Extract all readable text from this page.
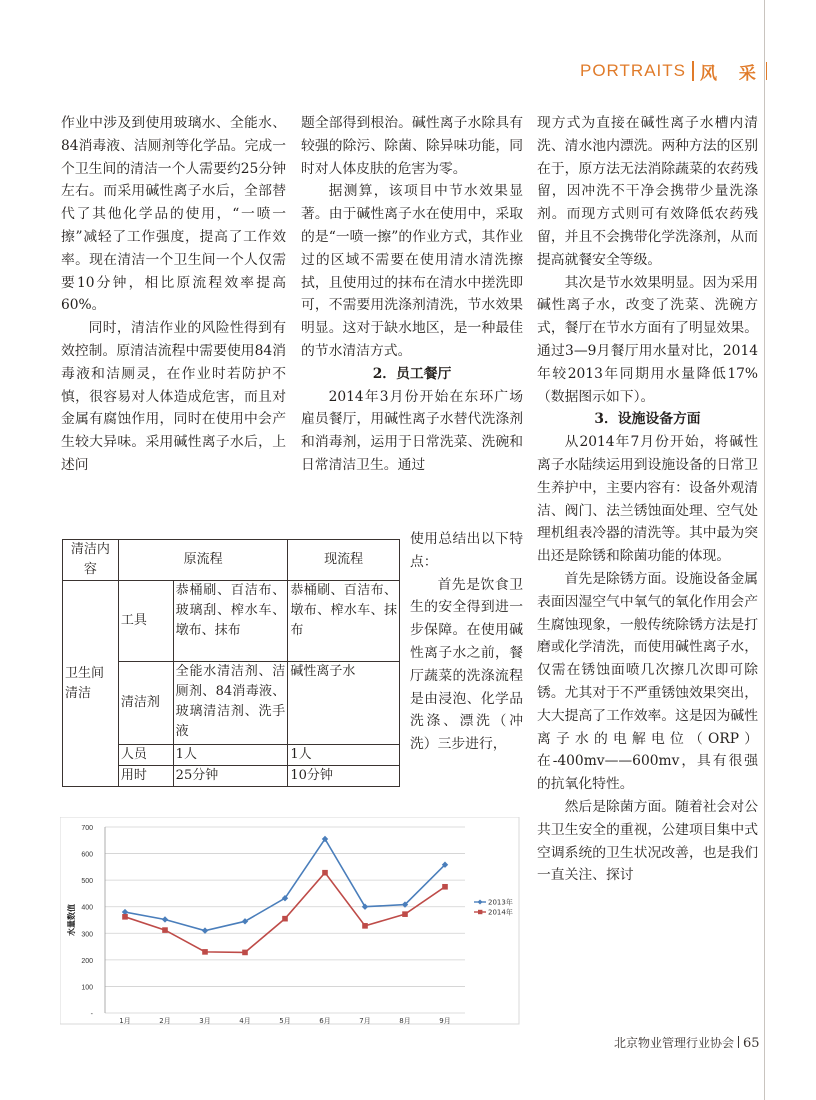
PORTRAITS 风 采

作业中涉及到使用玻璃水、全能水、84消毒液、洁厕剂等化学品。完成一个卫生间的清洁一个人需要约25分钟左右。而采用碱性离子水后，全部替代了其他化学品的使用，“一喷一擦”减轻了工作强度，提高了工作效率。现在清洁一个卫生间一个人仅需要10分钟，相比原流程效率提高60%。

同时，清洁作业的风险性得到有效控制。原清洁流程中需要使用84消毒液和洁厕灵，在作业时若防护不慎，很容易对人体造成危害，而且对金属有腐蚀作用，同时在使用中会产生较大异味。采用碱性离子水后，上述问

题全部得到根治。碱性离子水除具有较强的除污、除菌、除异味功能，同时对人体皮肤的危害为零。

据测算，该项目中节水效果显著。由于碱性离子水在使用中，采取的是“一喷一擦”的作业方式，其作业过的区域不需要在使用清水清洗擦拭，且使用过的抹布在清水中搓洗即可，不需要用洗涤剂清洗，节水效果明显。这对于缺水地区，是一种最佳的节水清洁方式。

2．员工餐厅

2014年3月份开始在东环广场雇员餐厅，用碱性离子水替代洗涤剂和消毒剂，运用于日常洗菜、洗碗和日常清洁卫生。通过

使用总结出以下特点：

首先是饮食卫生的安全得到进一步保障。在使用碱性离子水之前，餐厅蔬菜的洗涤流程是由浸泡、化学品洗涤、漂洗（冲洗）三步进行，

现方式为直接在碱性离子水槽内清洗、清水池内漂洗。两种方法的区别在于，原方法无法消除蔬菜的农药残留，因冲洗不干净会携带少量洗涤剂。而现方式则可有效降低农药残留，并且不会携带化学洗涤剂，从而提高就餐安全等级。

其次是节水效果明显。因为采用碱性离子水，改变了洗菜、洗碗方式，餐厅在节水方面有了明显效果。通过3—9月餐厅用水量对比，2014年较2013年同期用水量降低17%（数据图示如下）。

3．设施设备方面

从2014年7月份开始，将碱性离子水陆续运用到设施设备的日常卫生养护中，主要内容有：设备外观清洁、阀门、法兰锈蚀面处理、空气处理机组表冷器的清洗等。其中最为突出还是除锈和除菌功能的体现。

首先是除锈方面。设施设备金属表面因湿空气中氧气的氧化作用会产生腐蚀现象，一般传统除锈方法是打磨或化学清洗，而使用碱性离子水，仅需在锈蚀面喷几次擦几次即可除锈。尤其对于不严重锈蚀效果突出，大大提高了工作效率。这是因为碱性离子水的电解电位（ORP）在-400mv——600mv，具有很强的抗氧化特性。

然后是除菌方面。随着社会对公共卫生安全的重视，公建项目集中式空调系统的卫生状况改善，也是我们一直关注、探讨

清洁内容	原流程		现流程
卫生间清洁	工具	恭桶刷、百洁布、玻璃刮、榨水车、墩布、抹布	恭桶刷、百洁布、墩布、榨水车、抹布
	清洁剂	全能水清洁剂、洁厕剂、84消毒液、玻璃清洁剂、洗手液	碱性离子水
	人员	1人	1人
	用时	25分钟	10分钟
700
600
500
400
300
200
100
-
1月	2月	3月	4月	5月	6月	7月	8月	9月
水量数值
2013年
2014年
北京物业管理行业协会 65
